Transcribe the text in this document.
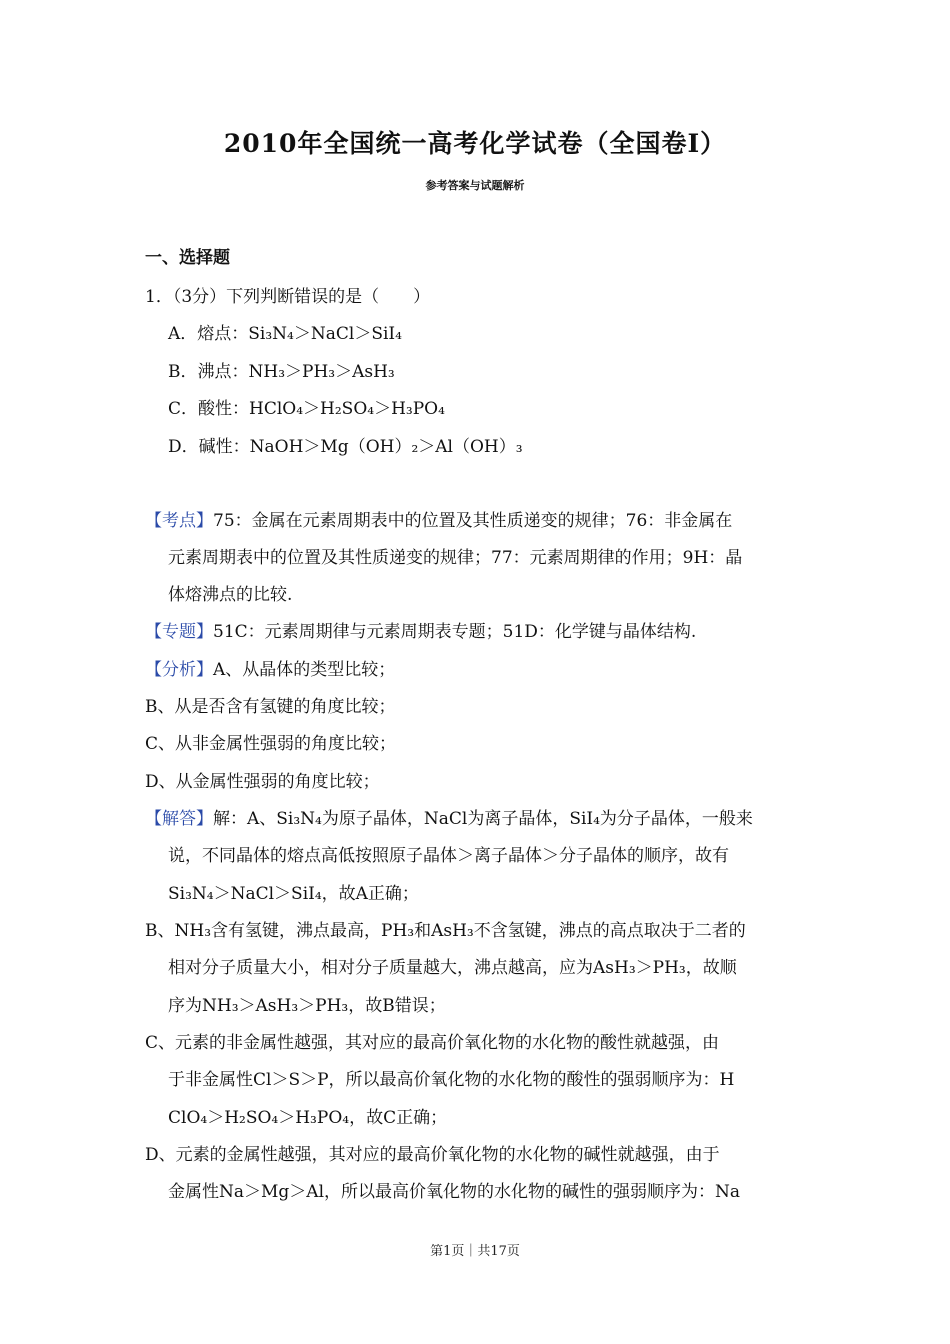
2010年全国统一高考化学试卷（全国卷I）
参考答案与试题解析
一、选择题
1．（3分）下列判断错误的是（　　）
A．熔点：Si₃N₄＞NaCl＞SiI₄
B．沸点：NH₃＞PH₃＞AsH₃
C．酸性：HClO₄＞H₂SO₄＞H₃PO₄
D．碱性：NaOH＞Mg（OH）₂＞Al（OH）₃
【考点】75：金属在元素周期表中的位置及其性质递变的规律；76：非金属在
元素周期表中的位置及其性质递变的规律；77：元素周期律的作用；9H：晶
体熔沸点的比较.
【专题】51C：元素周期律与元素周期表专题；51D：化学键与晶体结构.
【分析】A、从晶体的类型比较；
B、从是否含有氢键的角度比较；
C、从非金属性强弱的角度比较；
D、从金属性强弱的角度比较；
【解答】解：A、Si₃N₄为原子晶体，NaCl为离子晶体，SiI₄为分子晶体，一般来
说，不同晶体的熔点高低按照原子晶体＞离子晶体＞分子晶体的顺序，故有
Si₃N₄＞NaCl＞SiI₄，故A正确；
B、NH₃含有氢键，沸点最高，PH₃和AsH₃不含氢键，沸点的高点取决于二者的
相对分子质量大小，相对分子质量越大，沸点越高，应为AsH₃＞PH₃，故顺
序为NH₃＞AsH₃＞PH₃，故B错误；
C、元素的非金属性越强，其对应的最高价氧化物的水化物的酸性就越强，由
于非金属性Cl＞S＞P，所以最高价氧化物的水化物的酸性的强弱顺序为：H
ClO₄＞H₂SO₄＞H₃PO₄，故C正确；
D、元素的金属性越强，其对应的最高价氧化物的水化物的碱性就越强，由于
金属性Na＞Mg＞Al，所以最高价氧化物的水化物的碱性的强弱顺序为：Na
第1页｜共17页
